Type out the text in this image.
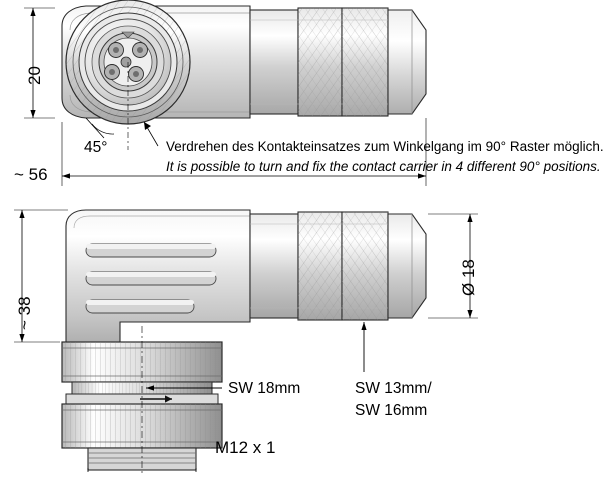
20
45°	Verdrehen des Kontakteinsatzes zum Winkelgang im 90° Raster möglich.
It is possible to turn and fix the contact carrier in 4 different 90° positions.
~ 56
~ 38
Ø 18
SW 18mm	SW 13mm/
SW 16mm
M12 x 1
